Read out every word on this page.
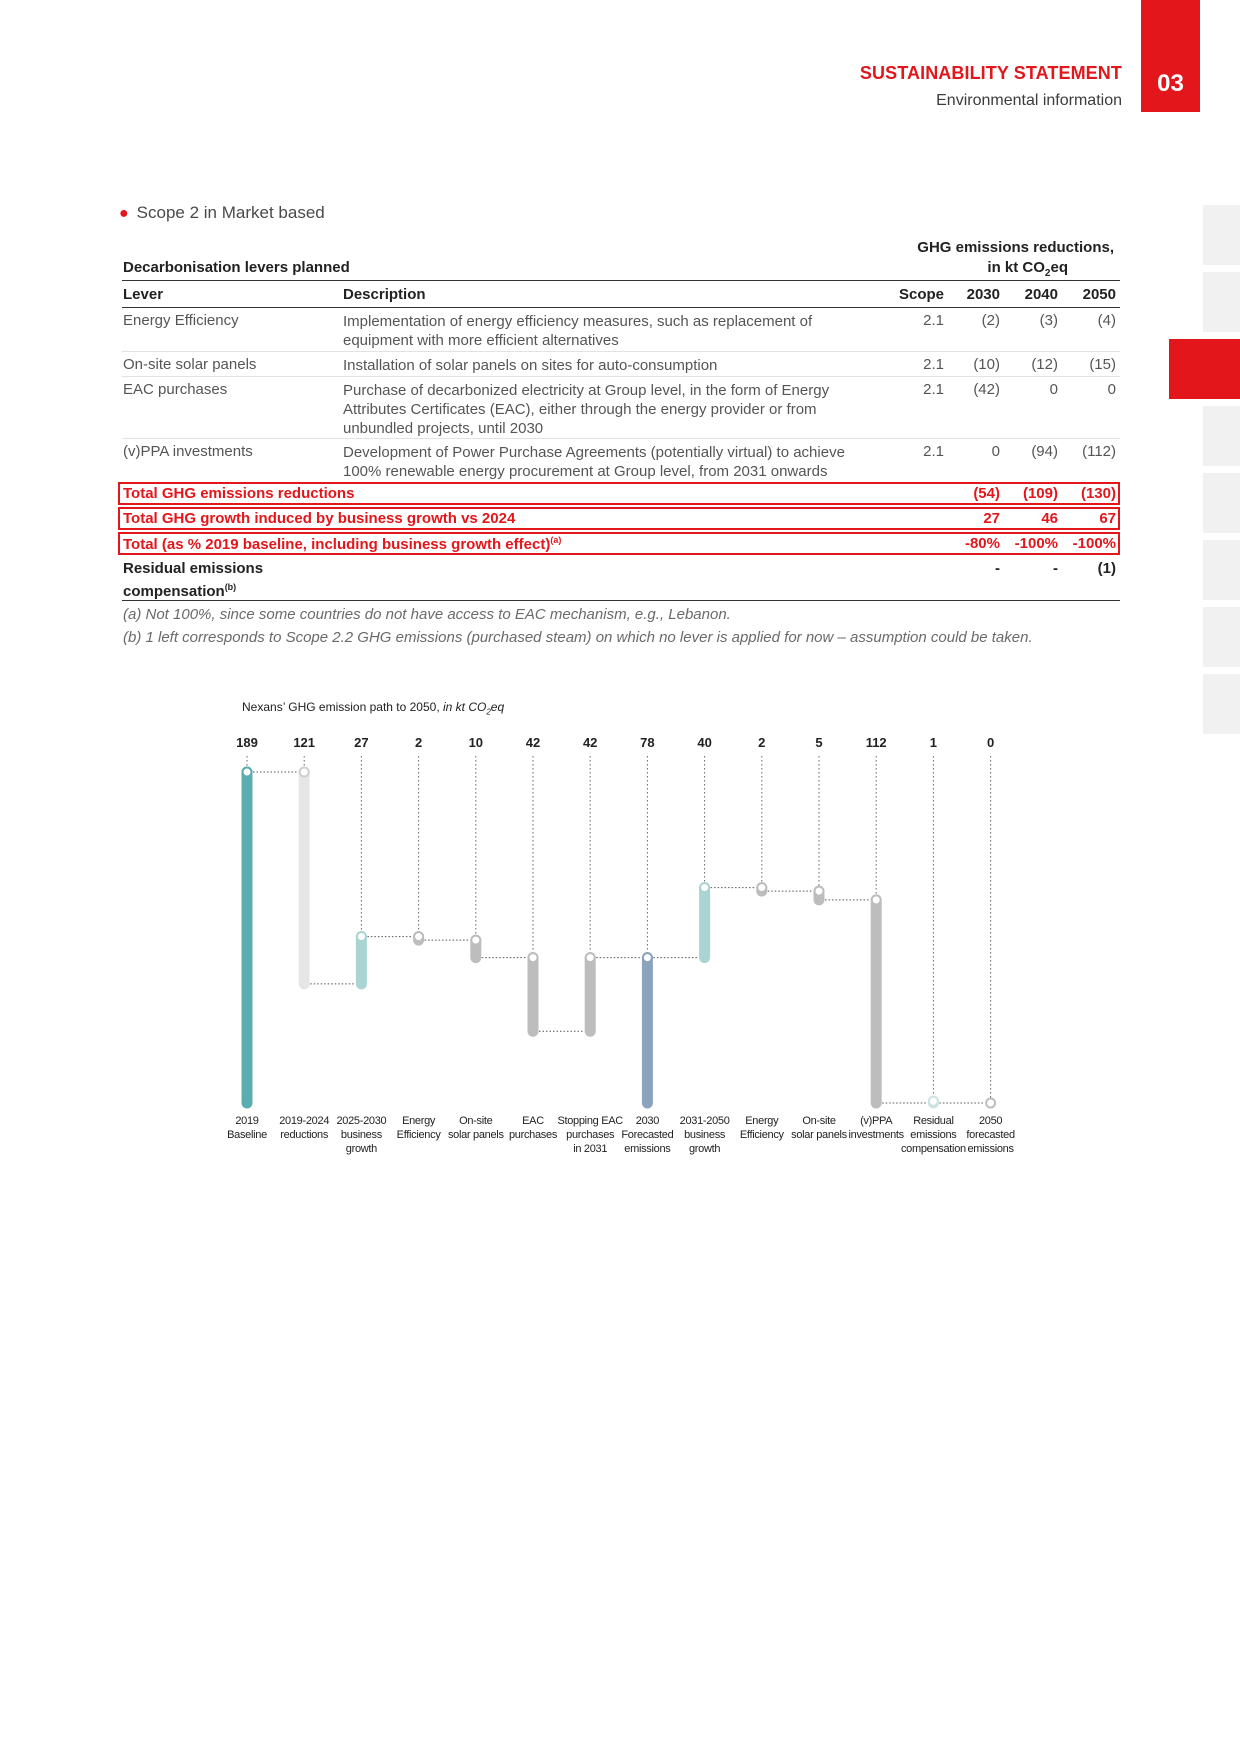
SUSTAINABILITY STATEMENT
Environmental information
03
● Scope 2 in Market based
Decarbonisation levers planned
GHG emissions reductions,
in kt $CO_2eq$
Lever	Description	Scope	2030	2040	2050
Energy Efficiency	Implementation of energy efficiency measures, such as replacement of
equipment with more efficient alternatives
2.1	(2)	(3)	(4)
On-site solar panels	Installation of solar panels on sites for auto-consumption	2.1	(10)	(12)	(15)
EAC purchases	Purchase of decarbonized electricity at Group level, in the form of Energy
Attributes Certificates (EAC), either through the energy provider or from
unbundled projects, until 2030
2.1	(42)	0	0
(v)PPA investments	Development of Power Purchase Agreements (potentially virtual) to achieve
100% renewable energy procurement at Group level, from 2031 onwards
2.1	0	(94)	(112)
Total GHG emissions reductions	(54)	(109)	(130)
Total GHG growth induced by business growth vs 2024	27	46	67
Total (as % 2019 baseline, including business growth effect)$^{(a)}$	-80% -100% -100%
Residual emissions
compensation$^{(b)}$
-	-	(1)
(a) Not 100%, since some countries do not have access to EAC mechanism, e.g., Lebanon.
(b) 1 left corresponds to Scope 2.2 GHG emissions (purchased steam) on which no lever is applied for now – assumption could be taken.
Nexans’ GHG emission path to 2050, in kt $CO_2eq$
189
2019
Baseline
121
2019-2024
reductions
27
2025-2030
business growth
2
Energy
Efficiency
10
On-site
solar panels
42
EAC
purchases
42
Stopping EAC
purchases
in 2031
78
2030
Forecasted
emissions
40
2031-2050
business
growth
2
Energy
Efficiency
5
On-site
solar panels
112
(v)PPA
investments
1
Residual
emissions
compensation
0
2050
forecasted
emissions
